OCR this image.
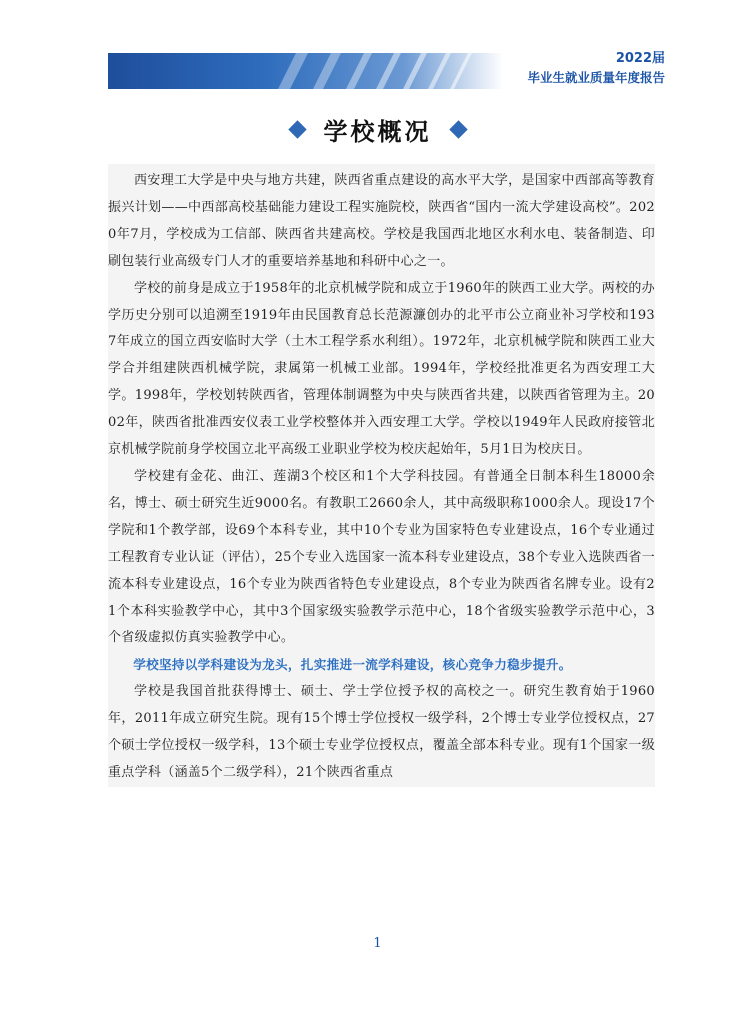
2022届
毕业生就业质量年度报告
学校概况

西安理工大学是中央与地方共建，陕西省重点建设的高水平大学，是国家中西部高等教育振兴计划——中西部高校基础能力建设工程实施院校，陕西省“国内一流大学建设高校”。2020年7月，学校成为工信部、陕西省共建高校。学校是我国西北地区水利水电、装备制造、印刷包装行业高级专门人才的重要培养基地和科研中心之一。

学校的前身是成立于1958年的北京机械学院和成立于1960年的陕西工业大学。两校的办学历史分别可以追溯至1919年由民国教育总长范源濂创办的北平市公立商业补习学校和1937年成立的国立西安临时大学（土木工程学系水利组）。1972年，北京机械学院和陕西工业大学合并组建陕西机械学院，隶属第一机械工业部。1994年，学校经批准更名为西安理工大学。1998年，学校划转陕西省，管理体制调整为中央与陕西省共建，以陕西省管理为主。2002年，陕西省批准西安仪表工业学校整体并入西安理工大学。学校以1949年人民政府接管北京机械学院前身学校国立北平高级工业职业学校为校庆起始年，5月1日为校庆日。

学校建有金花、曲江、莲湖3个校区和1个大学科技园。有普通全日制本科生18000余名，博士、硕士研究生近9000名。有教职工2660余人，其中高级职称1000余人。现设17个学院和1个教学部，设69个本科专业，其中10个专业为国家特色专业建设点，16个专业通过工程教育专业认证（评估），25个专业入选国家一流本科专业建设点，38个专业入选陕西省一流本科专业建设点，16个专业为陕西省特色专业建设点，8个专业为陕西省名牌专业。设有21个本科实验教学中心，其中3个国家级实验教学示范中心，18个省级实验教学示范中心，3个省级虚拟仿真实验教学中心。

学校坚持以学科建设为龙头，扎实推进一流学科建设，核心竞争力稳步提升。

学校是我国首批获得博士、硕士、学士学位授予权的高校之一。研究生教育始于1960年，2011年成立研究生院。现有15个博士学位授权一级学科，2个博士专业学位授权点，27个硕士学位授权一级学科，13个硕士专业学位授权点，覆盖全部本科专业。现有1个国家一级重点学科（涵盖5个二级学科），21个陕西省重点

1
